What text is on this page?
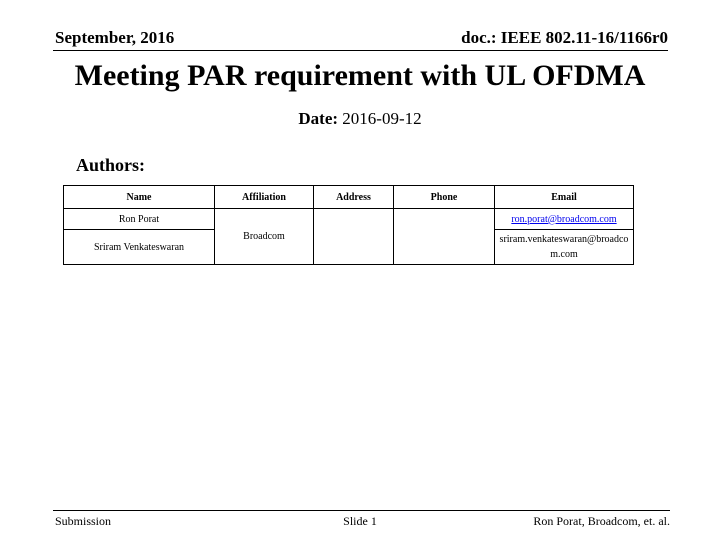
September, 2016	doc.: IEEE 802.11-16/1166r0
Meeting PAR requirement with UL OFDMA
Date: 2016-09-12
Authors:
Name	Affiliation	Address	Phone	Email
Ron Porat	Broadcom			ron.porat@broadcom.com
Sriram Venkateswaran				sriram.venkateswaran@broadcom.com
Submission	Slide 1	Ron Porat, Broadcom, et. al.
